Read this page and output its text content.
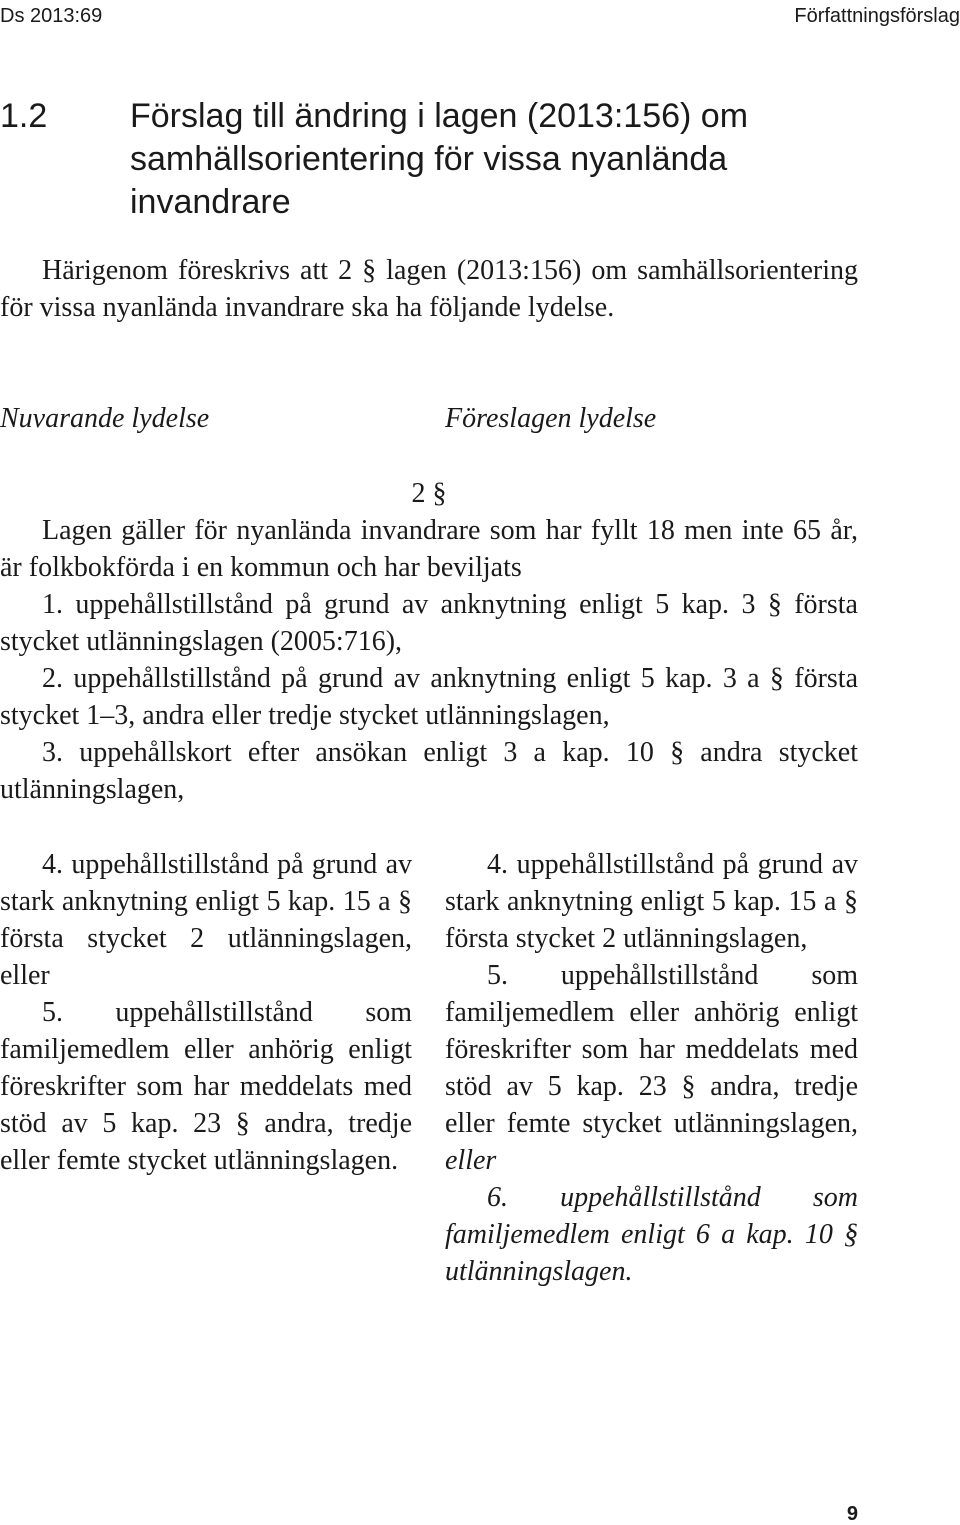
Ds 2013:69	Författningsförslag
1.2 Förslag till ändring i lagen (2013:156) om samhällsorientering för vissa nyanlända invandrare

Härigenom föreskrivs att 2 § lagen (2013:156) om samhällsorientering för vissa nyanlända invandrare ska ha följande lydelse.

Nuvarande lydelse	Föreslagen lydelse
2 §

Lagen gäller för nyanlända invandrare som har fyllt 18 men inte 65 år, är folkbokförda i en kommun och har beviljats

1. uppehållstillstånd på grund av anknytning enligt 5 kap. 3 § första stycket utlänningslagen (2005:716),

2. uppehållstillstånd på grund av anknytning enligt 5 kap. 3 a § första stycket 1–3, andra eller tredje stycket utlänningslagen,

3. uppehållskort efter ansökan enligt 3 a kap. 10 § andra stycket utlänningslagen,

4. uppehållstillstånd på grund av stark anknytning enligt 5 kap. 15 a § första stycket 2 utlänningslagen, eller

5. uppehållstillstånd som familjemedlem eller anhörig enligt föreskrifter som har meddelats med stöd av 5 kap. 23 § andra, tredje eller femte stycket utlänningslagen.

4. uppehållstillstånd på grund av stark anknytning enligt 5 kap. 15 a § första stycket 2 utlänningslagen,

5. uppehållstillstånd som familjemedlem eller anhörig enligt föreskrifter som har meddelats med stöd av 5 kap. 23 § andra, tredje eller femte stycket utlänningslagen, eller

6. uppehållstillstånd som familjemedlem enligt 6 a kap. 10 § utlänningslagen.

9
